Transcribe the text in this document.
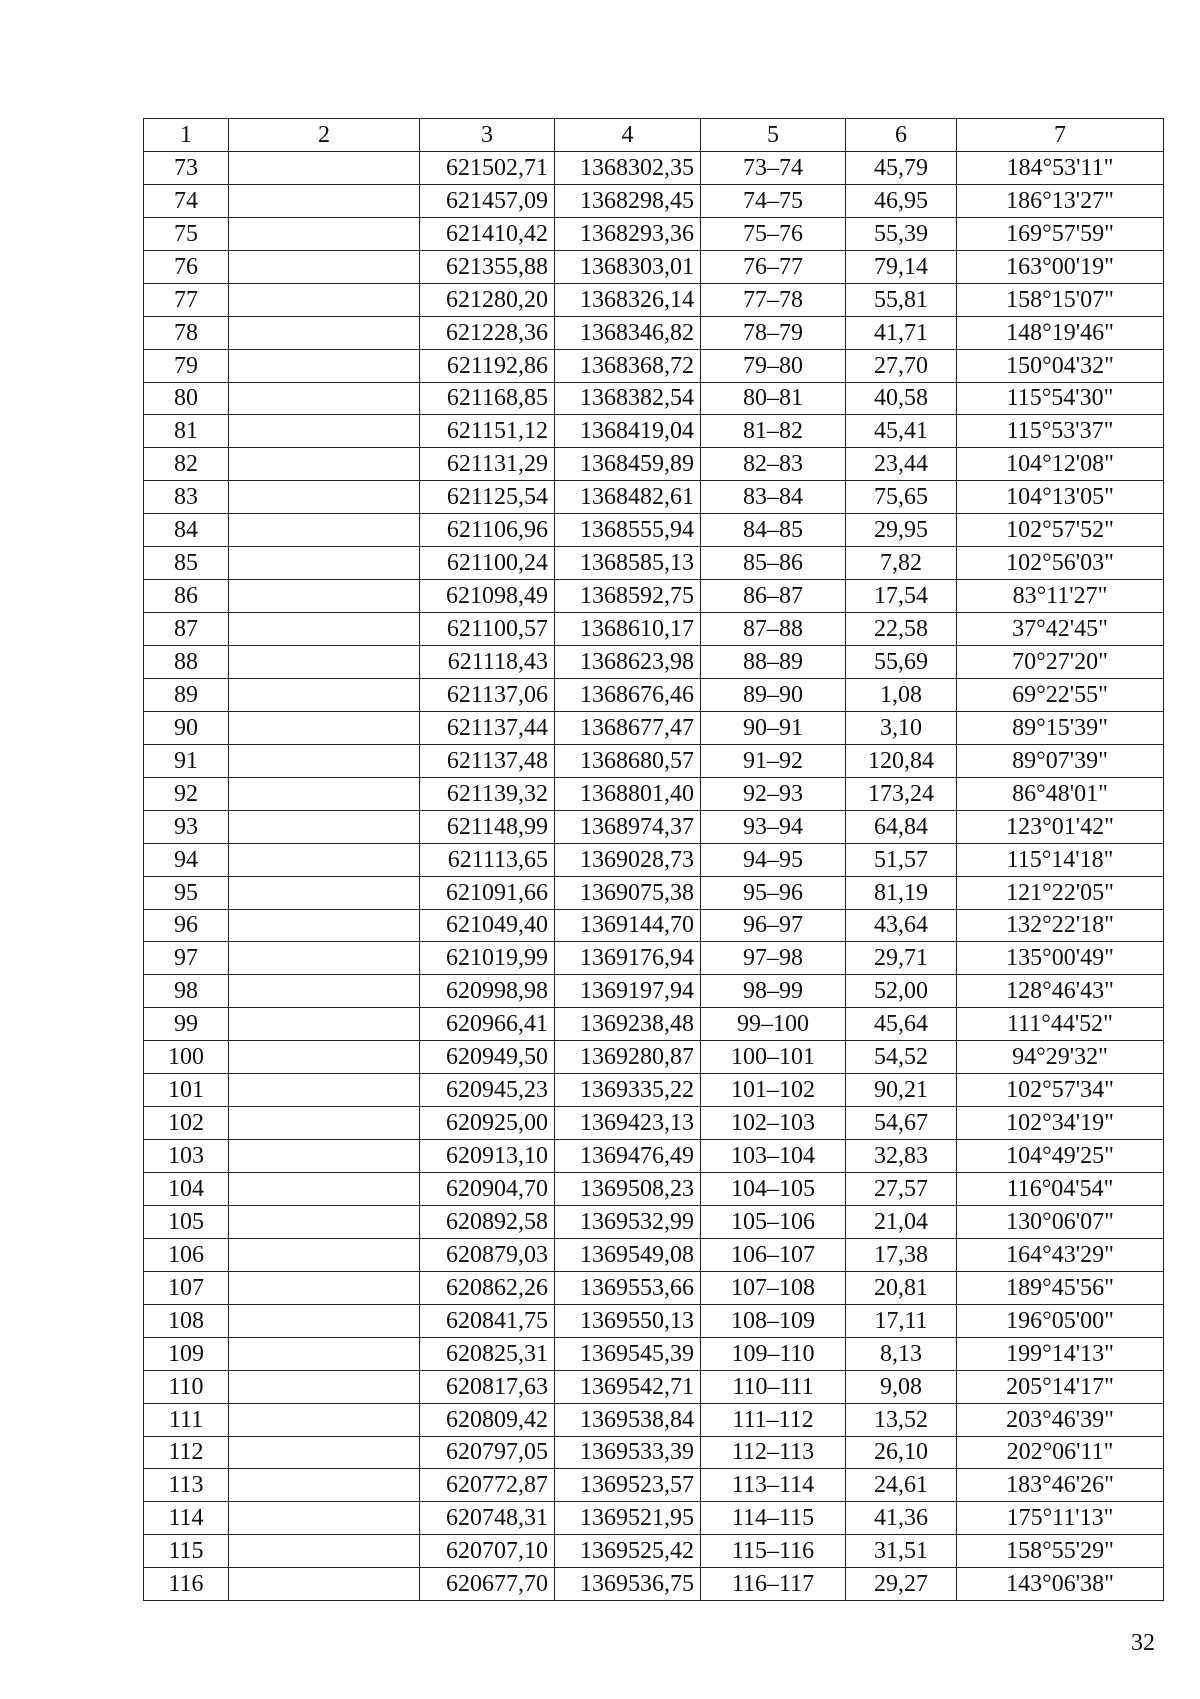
1	2	3	4	5	6	7
73		621502,71	1368302,35	73–74	45,79	184°53'11"
74		621457,09	1368298,45	74–75	46,95	186°13'27"
75		621410,42	1368293,36	75–76	55,39	169°57'59"
76		621355,88	1368303,01	76–77	79,14	163°00'19"
77		621280,20	1368326,14	77–78	55,81	158°15'07"
78		621228,36	1368346,82	78–79	41,71	148°19'46"
79		621192,86	1368368,72	79–80	27,70	150°04'32"
80		621168,85	1368382,54	80–81	40,58	115°54'30"
81		621151,12	1368419,04	81–82	45,41	115°53'37"
82		621131,29	1368459,89	82–83	23,44	104°12'08"
83		621125,54	1368482,61	83–84	75,65	104°13'05"
84		621106,96	1368555,94	84–85	29,95	102°57'52"
85		621100,24	1368585,13	85–86	7,82	102°56'03"
86		621098,49	1368592,75	86–87	17,54	83°11'27"
87		621100,57	1368610,17	87–88	22,58	37°42'45"
88		621118,43	1368623,98	88–89	55,69	70°27'20"
89		621137,06	1368676,46	89–90	1,08	69°22'55"
90		621137,44	1368677,47	90–91	3,10	89°15'39"
91		621137,48	1368680,57	91–92	120,84	89°07'39"
92		621139,32	1368801,40	92–93	173,24	86°48'01"
93		621148,99	1368974,37	93–94	64,84	123°01'42"
94		621113,65	1369028,73	94–95	51,57	115°14'18"
95		621091,66	1369075,38	95–96	81,19	121°22'05"
96		621049,40	1369144,70	96–97	43,64	132°22'18"
97		621019,99	1369176,94	97–98	29,71	135°00'49"
98		620998,98	1369197,94	98–99	52,00	128°46'43"
99		620966,41	1369238,48	99–100	45,64	111°44'52"
100		620949,50	1369280,87	100–101	54,52	94°29'32"
101		620945,23	1369335,22	101–102	90,21	102°57'34"
102		620925,00	1369423,13	102–103	54,67	102°34'19"
103		620913,10	1369476,49	103–104	32,83	104°49'25"
104		620904,70	1369508,23	104–105	27,57	116°04'54"
105		620892,58	1369532,99	105–106	21,04	130°06'07"
106		620879,03	1369549,08	106–107	17,38	164°43'29"
107		620862,26	1369553,66	107–108	20,81	189°45'56"
108		620841,75	1369550,13	108–109	17,11	196°05'00"
109		620825,31	1369545,39	109–110	8,13	199°14'13"
110		620817,63	1369542,71	110–111	9,08	205°14'17"
111		620809,42	1369538,84	111–112	13,52	203°46'39"
112		620797,05	1369533,39	112–113	26,10	202°06'11"
113		620772,87	1369523,57	113–114	24,61	183°46'26"
114		620748,31	1369521,95	114–115	41,36	175°11'13"
115		620707,10	1369525,42	115–116	31,51	158°55'29"
116		620677,70	1369536,75	116–117	29,27	143°06'38"
32
